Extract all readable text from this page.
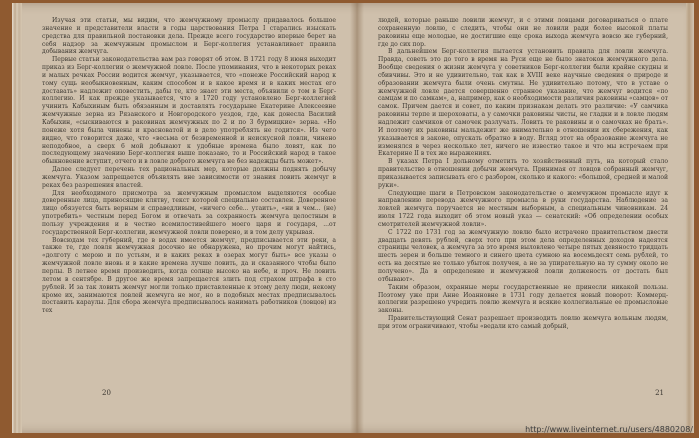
Изучая эти статьи, мы видим, что жемчужному промыслу придавалось большое значение и представители власти в годы царствования Петра I старались изыскать средства для правильной постановки дела. Прежде всего государство впервые берет на себя надзор за жемчужным промыслом и Берг-коллегия устанавливает правила добывания жемчуга.

Первые статьи законодательства вам раз говорят об этом. В 1721 году 8 июня выходит приказ из Берг-коллегии о жемчужной ловле. После упоминания, что в некоторых реках и малых речках России водится жемчуг, указывается, что «понеже Российский народ к тому сущь необыкновенным, каким способом и в какое время и в каких местах его доставать» надлежит оповестить, дабы те, кто знает эти места, объявили о том в Берг-коллегию. И как прежде указывается, что в 1720 году установлено Берг-коллегией учинить Кабыхиным быть обязанным и доставлять государыне Екатерине Алексеевне жемчужные зерна из Рязанского и Новгородского уездов, где, как донесла Василий Кабыхин, «сыскиваются в раковинах жемчужных по 2 и по 3 бурмицкие» зерна. «Но понеже хотя была чинены и красноватой и в дело употреблять не годится». Из чего видно, что говорится даже, что «весьма от безвременной и неискусной ловли, чинено неподобное, а сверх 6 мой добывают к удобные времена было ловят, как по последующему значению Берг-коллегия выше показано, то и Российский народ в такое обыкновение вступит, отчего и в ловле доброго жемчуга не без надежды быть может».

Далее следует перечень тех рациональных мер, которые должны поднять добычу жемчуга. Указом запрещается объявлять вне зависимости от знания ловить жемчуг в реках без разрешения властей.

Для необходимого присмотра за жемчужным промыслом выделяются особые доверенные лица, приносящие клятву, текст которой специально составлен. Доверенное лицо обязуется быть верным и справедливым, «ничего себе... утаить», «ни в чем... (не) употребить» честным перед Богом и отвечать за сохранность жемчуга целостным в пользу учреждения и в честно всемилостивейшего моего царя и государя, ...от государственной Берг-коллегии, жемчужной ловли поверено, и в том делу укрывая.

Вовсюдам тех губерний, где в водах имеется жемчуг, предписывается эти реки, а также те, где ловля жемчужная досочно не обнаружена, но прочим могут найтись, «долготу с мерою и по устьям, и в каких реках в озерах могут быть» все указы о жемчужной ловле вновь и в какие времена лучше ловить, да и сказанного чтобы было перлы. В летнее время производить, когда солнце высоко на небе, и проч. Не ловить летом в сентябре. В другое же время запрещается злить под страхом штрафа в сто рублей. И за так ловить жемчуг могли только приставленные к этому делу люди, некому кроме их, занимаются ловлей жемчуга не мог, но в подобных местах предписывалось поставить караулы. Для сбора жемчуга предписывалось нанимать работников (ловцов) из тех

20

людей, которые раньше ловили жемчуг, и с этими ловцами договариваться о плате сохраненную ловлю, с следить, чтобы они не ловили ради более высокой платы раковины еще молодые, не достигшие еще срока выхода жемчуга вовсю же губерний, где до сих пор.

В дальнейшем Берг-коллегия пытается установить правила для ловли жемчуга. Правда, советь это до того в время на Руси еще не было знатоков жемчужного дела. Вообще сведения о жизни жемчуга у советников Берг-коллегии были крайне скудны и сбивчивы. Это и не удивительно, так как в XVIII веке научные сведения о природе и образовании жемчуга были очень смутны. Не удивительно потому, что в уставе о жемчужной ловле дается совершенно странное указание, что жемчуг водится «по самцам и по самкам», а, например, как о необходимости различия раковины «самцов» от самок. Причем дается и совет, по каким признакам делать это различие: «У самчика раковины терпе и шероховаты, а у самочки раковины чисты, не гладки и в ловле людям надлежит самчиков от самочек разлучать. Ловить те раковины и о самочках не брать». И поэтому их раковины мальдежит же внимательно в отношении их сбережения, как указывается в законе, опускать обратно в воду. Вгляд этот на образование жемчуга не изменялся в через несколько лет, ничего не известно такое и что мы встречаем при Екатерине II в тех же выражениях.

В указах Петра I дольному отметить то хозяйственный путь, на который стало правительство в отношении добычи жемчуга. Принимая от ловцов собранный жемчуг, приказывается записывать его с разбором, сколько и какого: «большой, средней и малой руки».

Следующие шаги в Петровском законодательстве о жемчужном промысле идут к направлению перевода жемчужного промысла в руки государства. Наблюдение за ловлей жемчуга поручается не местным выборным, а специальным чиновникам. 24 июля 1722 года выходит об этом новый указ — сенатский: «Об определении особых смотрителей жемчужной ловли».

С 1722 по 1731 год за жемчужную ловлю было истрачено правительством двести двадцать девять рублей, сверх того при этом дела определенных доходов надеятся страницы человек, а жемчуга за это время выловлено четыре пятых девяносто тридцать шесть зерен и больше темного и синего цвета сумною на восемьдесят семь рублей, то есть на десятые не только убыток получен, а не за упирательную на ту сумму около не получено». Да в определение и жемчужной ловли долженость от достать был отбывают».

Таким образом, охранные меры государственные не принесли никакой пользы. Поэтому уже при Анне Иоанновне в 1731 году делается новый поворот: Коммерц-коллегии разрешено учредить ловлю жемчуга и всякие коллегиальные ее промысловые законы.

Правительствующий Сенат разрешает производить ловлю жемчуга вольным людям, при этом ограничивают, чтобы «ведали кто самый добрый,

21
http://www.liveinternet.ru/users/4880208/
